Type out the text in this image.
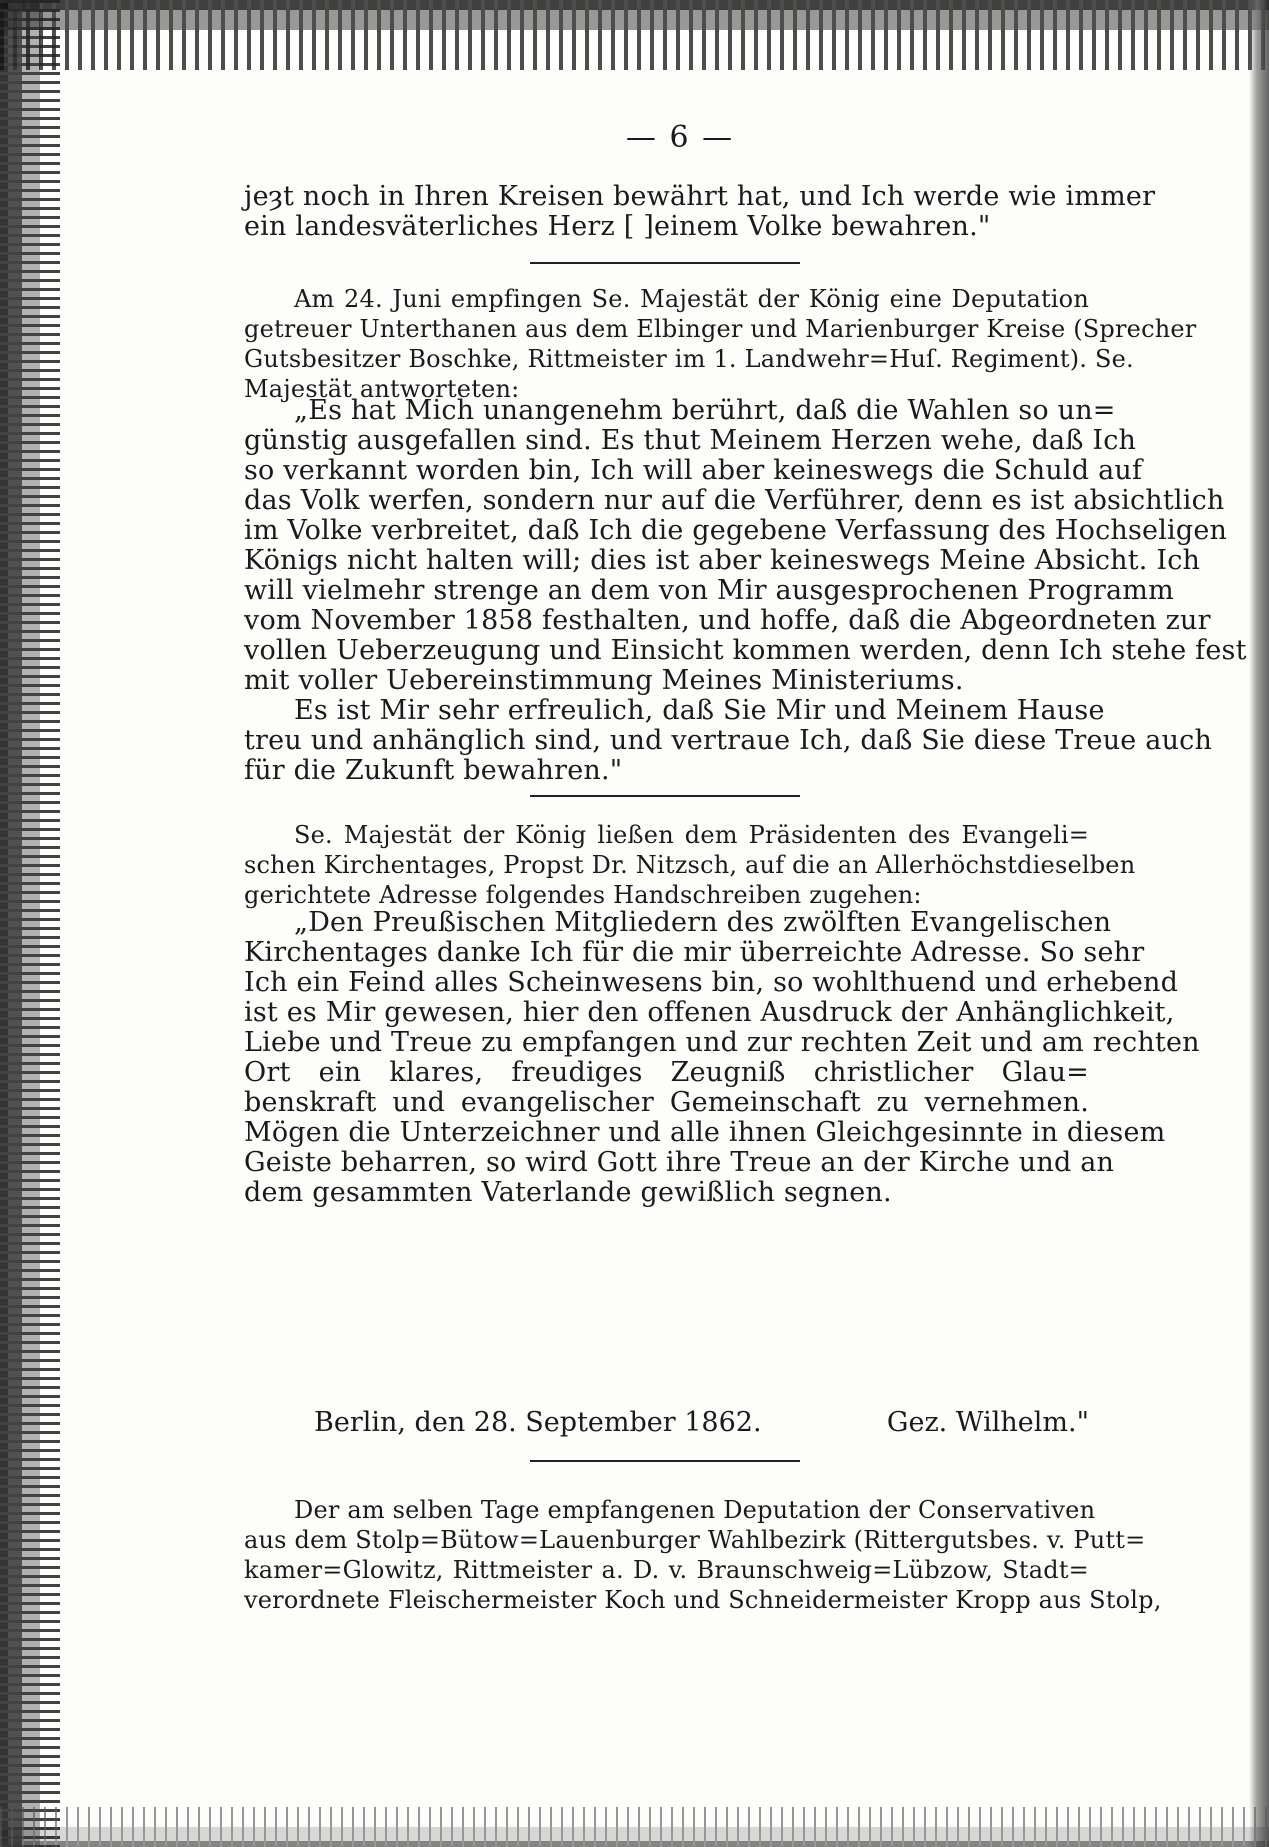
— 6 —
jeȝt noch in Ihren Kreisen bewährt hat, und Ich werde wie immer
ein landesväterliches Herz [ ]einem Volke bewahren."
Am 24. Juni empfingen Se. Majestät der König eine Deputation
getreuer Unterthanen aus dem Elbinger und Marienburger Kreise (Sprecher
Gutsbesitzer Boschke, Rittmeister im 1. Landwehr=Huſ. Regiment). Se.
Majestät antworteten:
„Es hat Mich unangenehm berührt, daß die Wahlen so un=
günstig ausgefallen sind. Es thut Meinem Herzen wehe, daß Ich
so verkannt worden bin, Ich will aber keineswegs die Schuld auf
das Volk werfen, sondern nur auf die Verführer, denn es ist absichtlich
im Volke verbreitet, daß Ich die gegebene Verfassung des Hochseligen
Königs nicht halten will; dies ist aber keineswegs Meine Absicht. Ich
will vielmehr strenge an dem von Mir ausgesprochenen Programm
vom November 1858 festhalten, und hoffe, daß die Abgeordneten zur
vollen Ueberzeugung und Einsicht kommen werden, denn Ich stehe fest
mit voller Uebereinstimmung Meines Ministeriums.
Es ist Mir sehr erfreulich, daß Sie Mir und Meinem Hause
treu und anhänglich sind, und vertraue Ich, daß Sie diese Treue auch
für die Zukunft bewahren."
Se. Majestät der König ließen dem Präsidenten des Evangeli=
schen Kirchentages, Propst Dr. Nitzsch, auf die an Allerhöchstdieselben
gerichtete Adresse folgendes Handschreiben zugehen:
„Den Preußischen Mitgliedern des zwölften Evangelischen
Kirchentages danke Ich für die mir überreichte Adresse. So sehr
Ich ein Feind alles Scheinwesens bin, so wohlthuend und erhebend
ist es Mir gewesen, hier den offenen Ausdruck der Anhänglichkeit,
Liebe und Treue zu empfangen und zur rechten Zeit und am rechten
Ort ein klares, freudiges Zeugniß christlicher Glau=
benskraft und evangelischer Gemeinschaft zu vernehmen.
Mögen die Unterzeichner und alle ihnen Gleichgesinnte in diesem
Geiste beharren, so wird Gott ihre Treue an der Kirche und an
dem gesammten Vaterlande gewißlich segnen.
Berlin, den 28. September 1862.	Gez. Wilhelm."
Der am selben Tage empfangenen Deputation der Conservativen
aus dem Stolp=Bütow=Lauenburger Wahlbezirk (Rittergutsbes. v. Putt=
kamer=Glowitz, Rittmeister a. D. v. Braunschweig=Lübzow, Stadt=
verordnete Fleischermeister Koch und Schneidermeister Kropp aus Stolp,
